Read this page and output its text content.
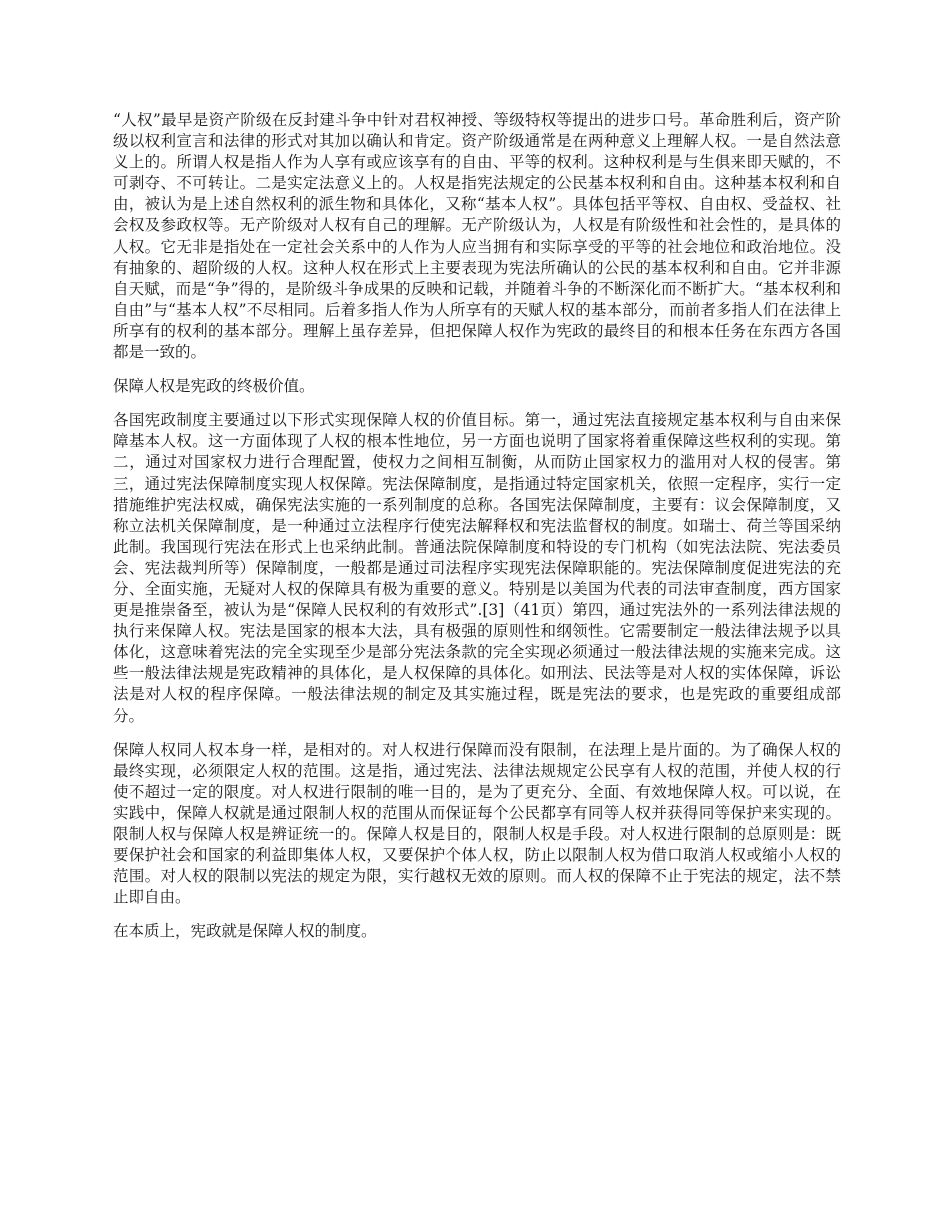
“人权”最早是资产阶级在反封建斗争中针对君权神授、等级特权等提出的进步口号。革命胜利后，资产阶级以权利宣言和法律的形式对其加以确认和肯定。资产阶级通常是在两种意义上理解人权。一是自然法意义上的。所谓人权是指人作为人享有或应该享有的自由、平等的权利。这种权利是与生俱来即天赋的，不可剥夺、不可转让。二是实定法意义上的。人权是指宪法规定的公民基本权利和自由。这种基本权利和自由，被认为是上述自然权利的派生物和具体化，又称“基本人权”。具体包括平等权、自由权、受益权、社会权及参政权等。无产阶级对人权有自己的理解。无产阶级认为，人权是有阶级性和社会性的，是具体的人权。它无非是指处在一定社会关系中的人作为人应当拥有和实际享受的平等的社会地位和政治地位。没有抽象的、超阶级的人权。这种人权在形式上主要表现为宪法所确认的公民的基本权利和自由。它并非源自天赋，而是“争”得的，是阶级斗争成果的反映和记载，并随着斗争的不断深化而不断扩大。“基本权利和自由”与“基本人权”不尽相同。后着多指人作为人所享有的天赋人权的基本部分，而前者多指人们在法律上所享有的权利的基本部分。理解上虽存差异，但把保障人权作为宪政的最终目的和根本任务在东西方各国都是一致的。

保障人权是宪政的终极价值。

各国宪政制度主要通过以下形式实现保障人权的价值目标。第一，通过宪法直接规定基本权利与自由来保障基本人权。这一方面体现了人权的根本性地位，另一方面也说明了国家将着重保障这些权利的实现。第二，通过对国家权力进行合理配置，使权力之间相互制衡，从而防止国家权力的滥用对人权的侵害。第三，通过宪法保障制度实现人权保障。宪法保障制度，是指通过特定国家机关，依照一定程序，实行一定措施维护宪法权威，确保宪法实施的一系列制度的总称。各国宪法保障制度，主要有：议会保障制度，又称立法机关保障制度，是一种通过立法程序行使宪法解释权和宪法监督权的制度。如瑞士、荷兰等国采纳此制。我国现行宪法在形式上也采纳此制。普通法院保障制度和特设的专门机构（如宪法法院、宪法委员会、宪法裁判所等）保障制度，一般都是通过司法程序实现宪法保障职能的。宪法保障制度促进宪法的充分、全面实施，无疑对人权的保障具有极为重要的意义。特别是以美国为代表的司法审查制度，西方国家更是推崇备至，被认为是“保障人民权利的有效形式”.[3]（41页）第四，通过宪法外的一系列法律法规的执行来保障人权。宪法是国家的根本大法，具有极强的原则性和纲领性。它需要制定一般法律法规予以具体化，这意味着宪法的完全实现至少是部分宪法条款的完全实现必须通过一般法律法规的实施来完成。这些一般法律法规是宪政精神的具体化，是人权保障的具体化。如刑法、民法等是对人权的实体保障，诉讼法是对人权的程序保障。一般法律法规的制定及其实施过程，既是宪法的要求，也是宪政的重要组成部分。

保障人权同人权本身一样，是相对的。对人权进行保障而没有限制，在法理上是片面的。为了确保人权的最终实现，必须限定人权的范围。这是指，通过宪法、法律法规规定公民享有人权的范围，并使人权的行使不超过一定的限度。对人权进行限制的唯一目的，是为了更充分、全面、有效地保障人权。可以说，在实践中，保障人权就是通过限制人权的范围从而保证每个公民都享有同等人权并获得同等保护来实现的。限制人权与保障人权是辨证统一的。保障人权是目的，限制人权是手段。对人权进行限制的总原则是：既要保护社会和国家的利益即集体人权，又要保护个体人权，防止以限制人权为借口取消人权或缩小人权的范围。对人权的限制以宪法的规定为限，实行越权无效的原则。而人权的保障不止于宪法的规定，法不禁止即自由。

在本质上，宪政就是保障人权的制度。
